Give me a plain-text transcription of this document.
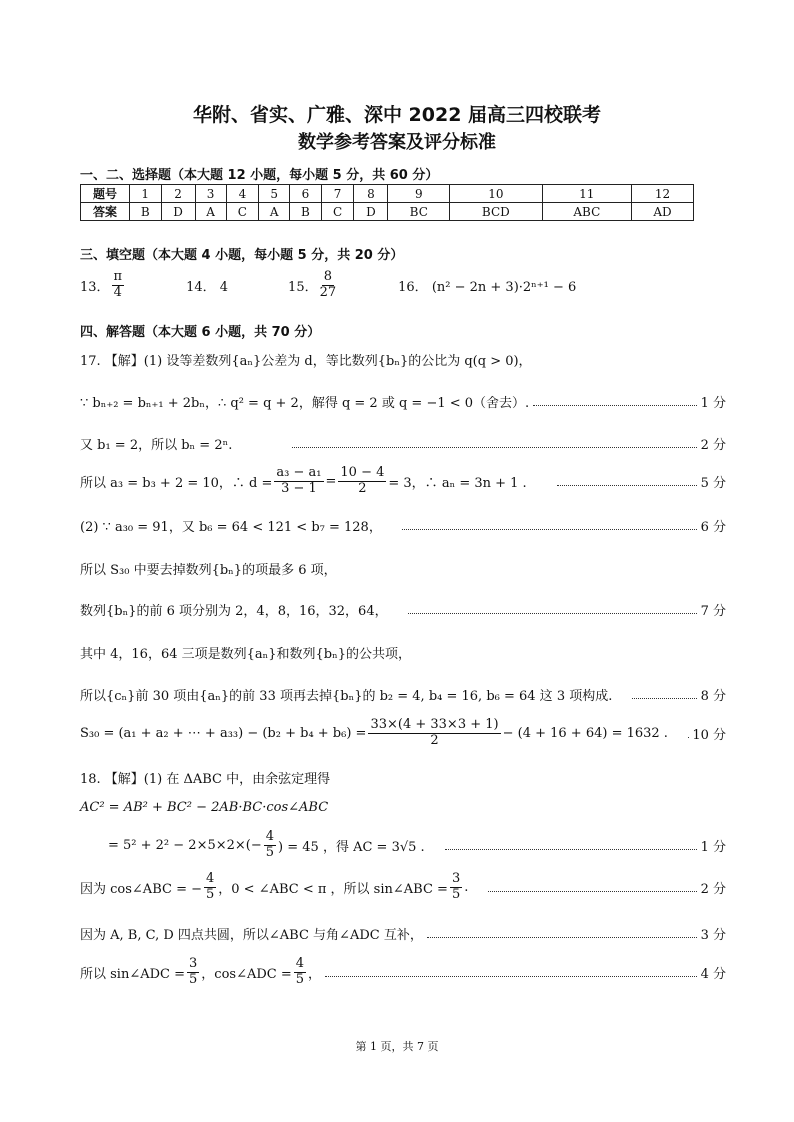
华附、省实、广雅、深中 2022 届高三四校联考
数学参考答案及评分标准
一、二、选择题（本大题 12 小题，每小题 5 分，共 60 分）
题号	1	2	3	4	5	6	7	8	9	10	11	12
答案	B	D	A	C	A	B	C	D	BC	BCD	ABC	AD
三、填空题（本大题 4 小题，每小题 5 分，共 20 分）
13． $\frac{\pi}{4}$	14． 4	15． $\frac{8}{27}$	16． (n² − 2n + 3)·2ⁿ⁺¹ − 6
四、解答题（本大题 6 小题，共 70 分）
17. 【解】(1) 设等差数列{aₙ}公差为 d，等比数列{bₙ}的公比为 q(q > 0)，
∵ bₙ₊₂ = bₙ₊₁ + 2bₙ，∴ q² = q + 2，解得 q = 2 或 q = −1 < 0（舍去）.	1 分
又 b₁ = 2，所以 bₙ = 2ⁿ.	2 分
所以 a₃ = b₃ + 2 = 10，∴ $d = \frac{\text{a₃ − a₁}}{3 - 1} = \frac{10 - 4}{2} = 3$，∴ aₙ = 3n + 1 .	5 分
(2) ∵ a₃₀ = 91，又 b₆ = 64 < 121 < b₇ = 128，	6 分
所以 S₃₀ 中要去掉数列{bₙ}的项最多 6 项，
数列{bₙ}的前 6 项分别为 2，4，8，16，32，64，	7 分
其中 4，16，64 三项是数列{aₙ}和数列{bₙ}的公共项，
所以{cₙ}前 30 项由{aₙ}的前 33 项再去掉{bₙ}的 b₂ = 4, b₄ = 16, b₆ = 64 这 3 项构成.	8 分
S₃₀ = (a₁ + a₂ + ⋯ + $a_{33}) - (b_2 + b_4 + b_6) = \frac{33\times(4 + 33\times 3 + 1)}{2} - (4 + 16 + 64) = 1632$ . 10 分
18. 【解】(1) 在 ΔABC 中，由余弦定理得
AC² = AB² + BC² − 2AB·BC·cos∠ABC
= $5^2 + 2^2 - 2\times 5\times 2\times(- \frac{4}{5}$ ) = 45 ，得 AC = 3√5 .	1 分
因为 cos∠ABC = − $\frac{4}{5}$ ，0 < ∠ABC < π ，所以 sin∠ABC = $\frac{3}{5}$ .	2 分
因为 A, B, C, D 四点共圆，所以∠ABC 与角∠ADC 互补，	3 分
所以 sin∠ADC = $\frac{3}{5}$ ，cos∠ADC = $\frac{4}{5}$ ，	4 分
第 1 页，共 7 页
